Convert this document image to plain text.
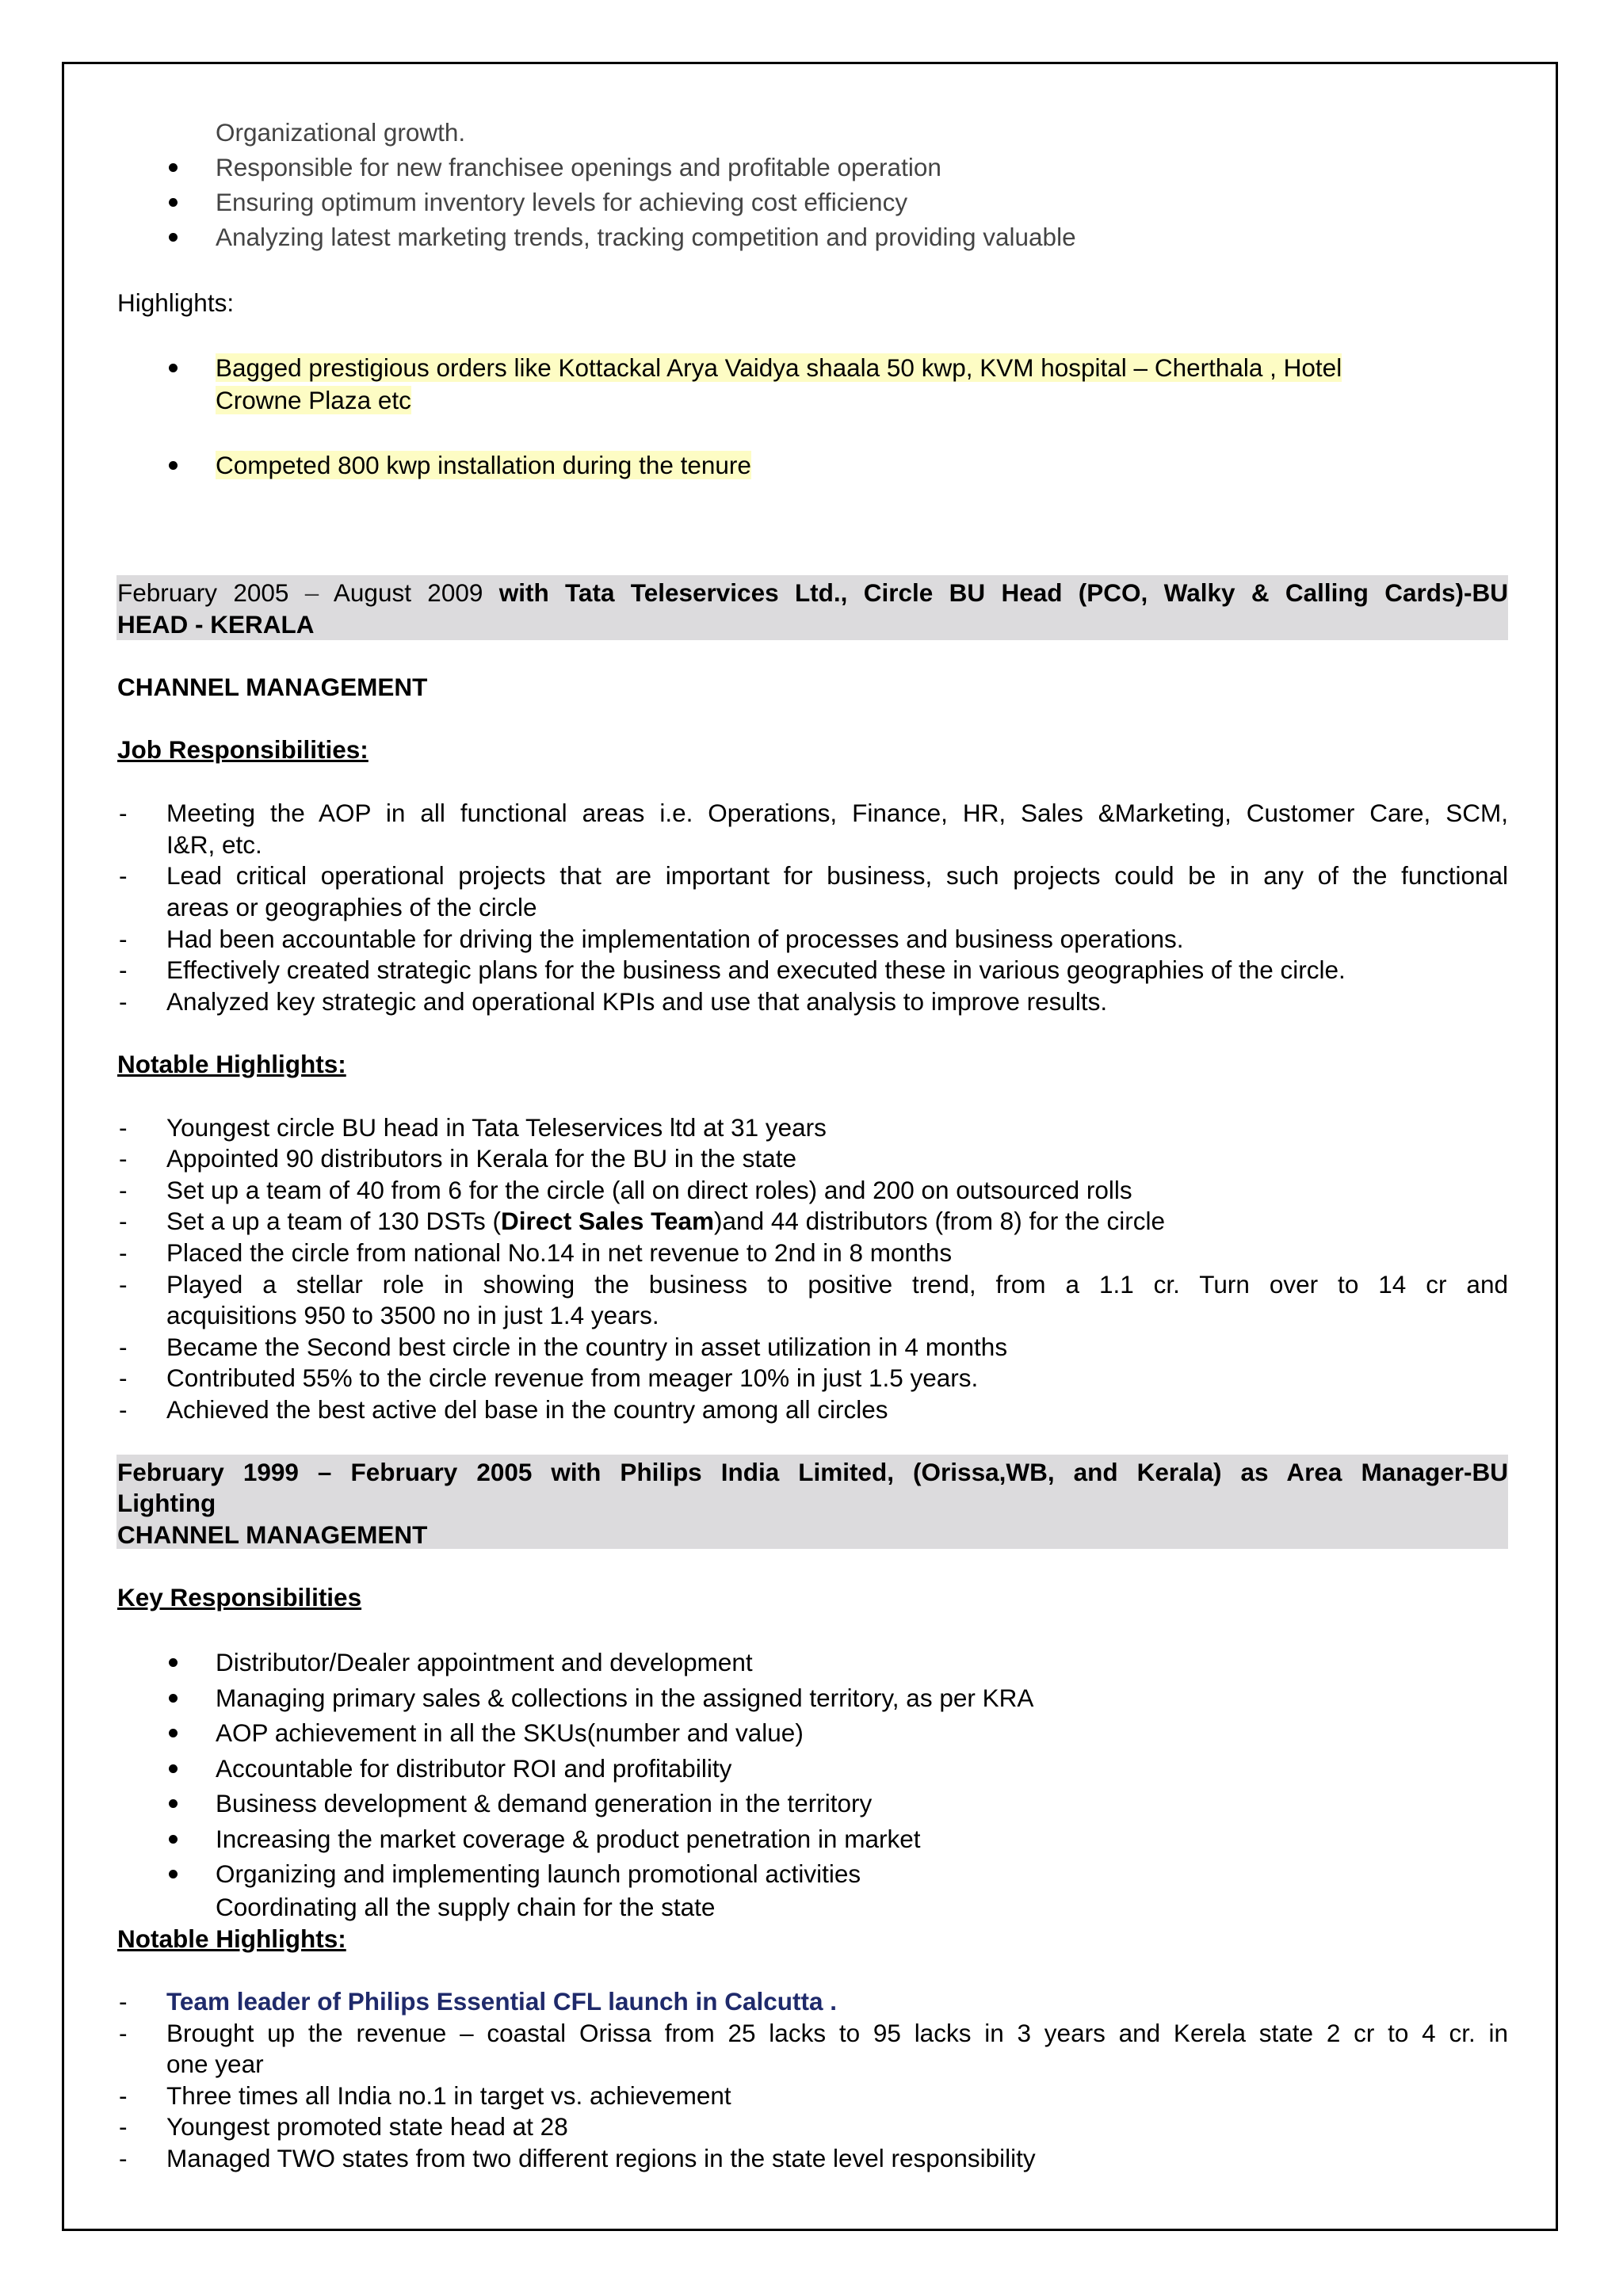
Organizational growth.
Responsible for new franchisee openings and profitable operation
Ensuring optimum inventory levels for achieving cost efficiency
Analyzing latest marketing trends, tracking competition and providing valuable
Highlights:
Bagged prestigious orders like Kottackal Arya Vaidya shaala 50 kwp, KVM hospital – Cherthala , Hotel
Crowne Plaza etc
Competed 800 kwp installation during the tenure
February 2005 – August 2009 with Tata Teleservices Ltd., Circle BU Head (PCO, Walky & Calling Cards)-BU
HEAD - KERALA
CHANNEL MANAGEMENT
Job Responsibilities:
- Meeting the AOP in all functional areas i.e. Operations, Finance, HR, Sales &Marketing, Customer Care, SCM,
I&R, etc.
- Lead critical operational projects that are important for business, such projects could be in any of the functional
areas or geographies of the circle
- Had been accountable for driving the implementation of processes and business operations.
- Effectively created strategic plans for the business and executed these in various geographies of the circle.
- Analyzed key strategic and operational KPIs and use that analysis to improve results.
Notable Highlights:
- Youngest circle BU head in Tata Teleservices ltd at 31 years
- Appointed 90 distributors in Kerala for the BU in the state
- Set up a team of 40 from 6 for the circle (all on direct roles) and 200 on outsourced rolls
- Set a up a team of 130 DSTs (Direct Sales Team)and 44 distributors (from 8) for the circle
- Placed the circle from national No.14 in net revenue to 2nd in 8 months
- Played a stellar role in showing the business to positive trend, from a 1.1 cr. Turn over to 14 cr and
acquisitions 950 to 3500 no in just 1.4 years.
- Became the Second best circle in the country in asset utilization in 4 months
- Contributed 55% to the circle revenue from meager 10% in just 1.5 years.
- Achieved the best active del base in the country among all circles
February 1999 – February 2005 with Philips India Limited, (Orissa,WB, and Kerala) as Area Manager-BU
Lighting
CHANNEL MANAGEMENT
Key Responsibilities
Distributor/Dealer appointment and development
Managing primary sales & collections in the assigned territory, as per KRA
AOP achievement in all the SKUs(number and value)
Accountable for distributor ROI and profitability
Business development & demand generation in the territory
Increasing the market coverage & product penetration in market
Organizing and implementing launch promotional activities
Coordinating all the supply chain for the state
Notable Highlights:
- Team leader of Philips Essential CFL launch in Calcutta .
- Brought up the revenue – coastal Orissa from 25 lacks to 95 lacks in 3 years and Kerela state 2 cr to 4 cr. in
one year
- Three times all India no.1 in target vs. achievement
- Youngest promoted state head at 28
- Managed TWO states from two different regions in the state level responsibility
